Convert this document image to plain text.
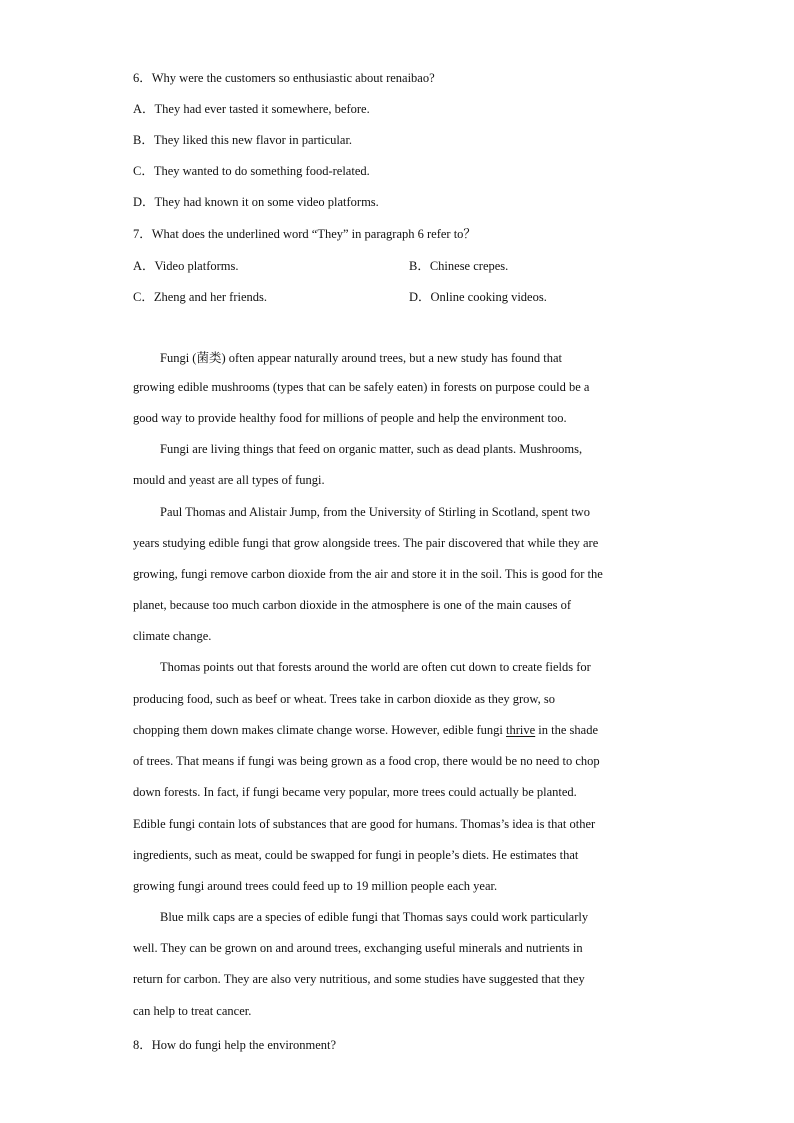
6．Why were the customers so enthusiastic about renaibao?
A．They had ever tasted it somewhere, before.
B．They liked this new flavor in particular.
C．They wanted to do something food-related.
D．They had known it on some video platforms.
7．What does the underlined word “They” in paragraph 6 refer to？
A．Video platforms.	B．Chinese crepes.
C．Zheng and her friends.	D．Online cooking videos.
Fungi (菌类) often appear naturally around trees, but a new study has found that
growing edible mushrooms (types that can be safely eaten) in forests on purpose could be a
good way to provide healthy food for millions of people and help the environment too.
Fungi are living things that feed on organic matter, such as dead plants. Mushrooms,
mould and yeast are all types of fungi.
Paul Thomas and Alistair Jump, from the University of Stirling in Scotland, spent two
years studying edible fungi that grow alongside trees. The pair discovered that while they are
growing, fungi remove carbon dioxide from the air and store it in the soil. This is good for the
planet, because too much carbon dioxide in the atmosphere is one of the main causes of
climate change.
Thomas points out that forests around the world are often cut down to create fields for
producing food, such as beef or wheat. Trees take in carbon dioxide as they grow, so
chopping them down makes climate change worse. However, edible fungi thrive in the shade
of trees. That means if fungi was being grown as a food crop, there would be no need to chop
down forests. In fact, if fungi became very popular, more trees could actually be planted.
Edible fungi contain lots of substances that are good for humans. Thomas’s idea is that other
ingredients, such as meat, could be swapped for fungi in people’s diets. He estimates that
growing fungi around trees could feed up to 19 million people each year.
Blue milk caps are a species of edible fungi that Thomas says could work particularly
well. They can be grown on and around trees, exchanging useful minerals and nutrients in
return for carbon. They are also very nutritious, and some studies have suggested that they
can help to treat cancer.
8．How do fungi help the environment?
